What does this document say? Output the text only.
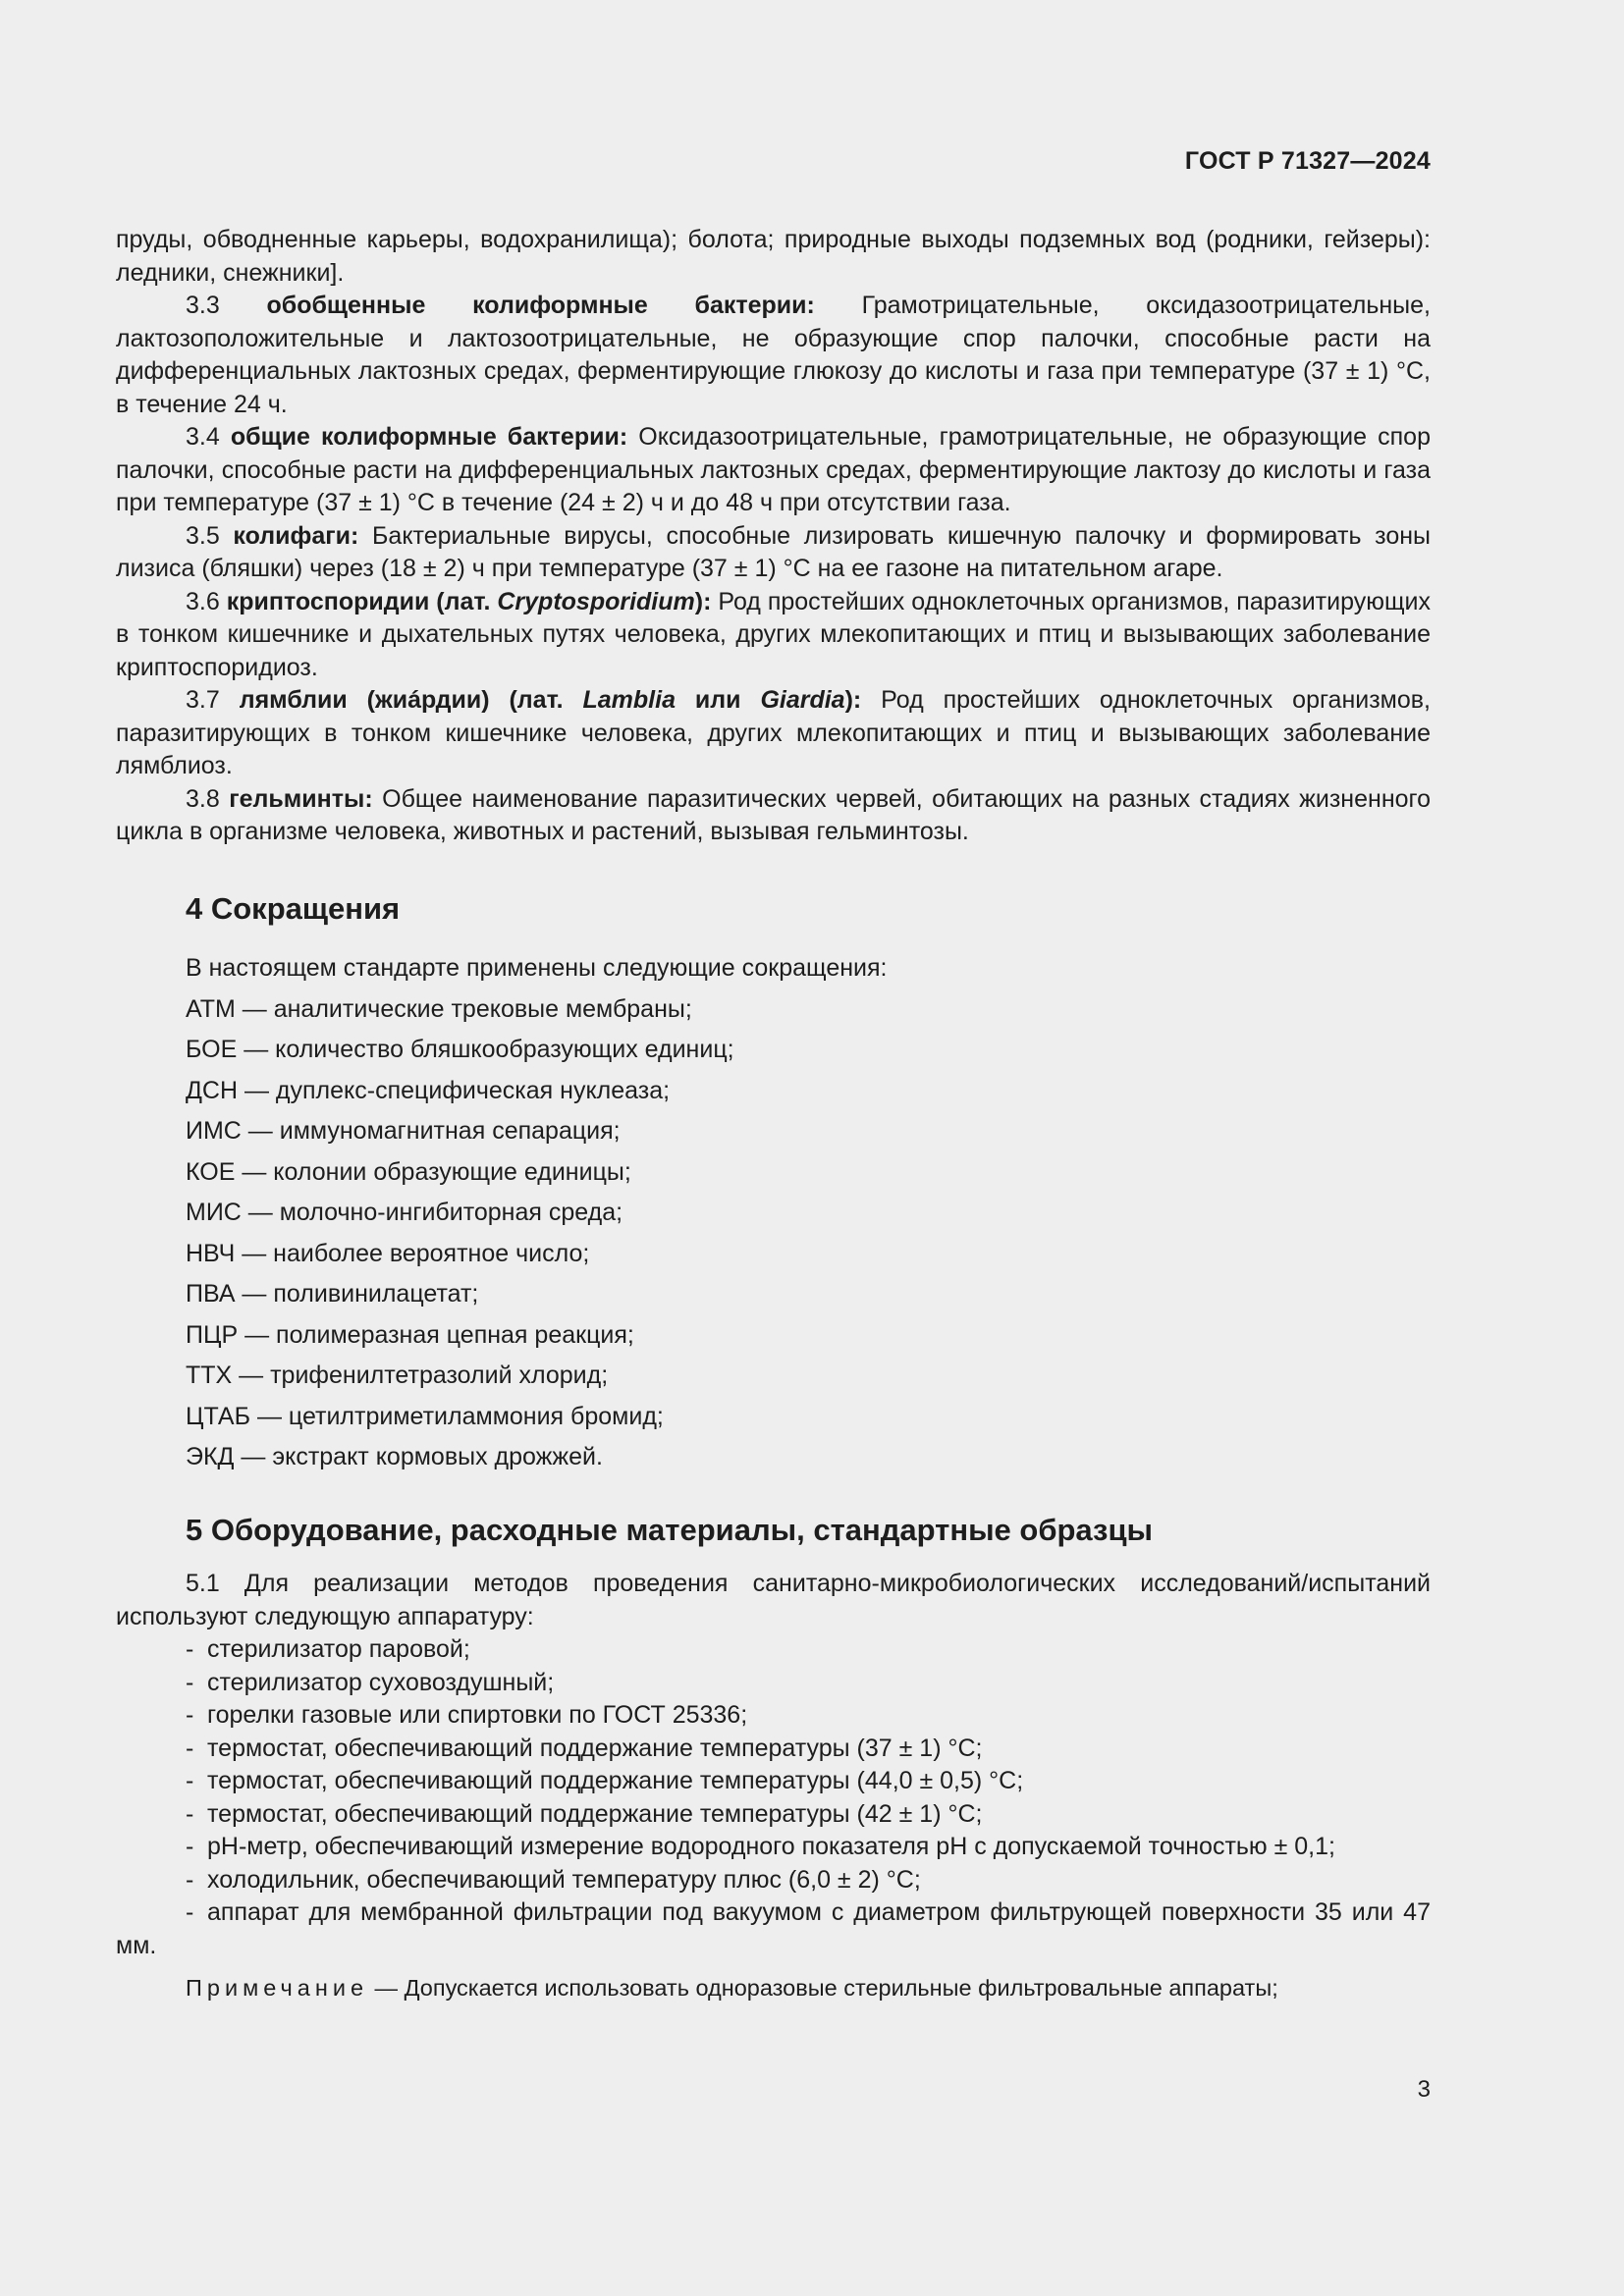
ГОСТ Р 71327—2024

пруды, обводненные карьеры, водохранилища); болота; природные выходы подземных вод (родники, гейзеры): ледники, снежники].

3.3 обобщенные колиформные бактерии: Грамотрицательные, оксидазоотрицательные, лактозоположительные и лактозоотрицательные, не образующие спор палочки, способные расти на дифференциальных лактозных средах, ферментирующие глюкозу до кислоты и газа при температуре (37 ± 1) °С, в течение 24 ч.

3.4 общие колиформные бактерии: Оксидазоотрицательные, грамотрицательные, не образующие спор палочки, способные расти на дифференциальных лактозных средах, ферментирующие лактозу до кислоты и газа при температуре (37 ± 1) °С в течение (24 ± 2) ч и до 48 ч при отсутствии газа.

3.5 колифаги: Бактериальные вирусы, способные лизировать кишечную палочку и формировать зоны лизиса (бляшки) через (18 ± 2) ч при температуре (37 ± 1) °С на ее газоне на питательном агаре.

3.6 криптоспоридии (лат. Cryptosporidium): Род простейших одноклеточных организмов, паразитирующих в тонком кишечнике и дыхательных путях человека, других млекопитающих и птиц и вызывающих заболевание криптоспоридиоз.

3.7 лямблии (жиáрдии) (лат. Lamblia или Giardia): Род простейших одноклеточных организмов, паразитирующих в тонком кишечнике человека, других млекопитающих и птиц и вызывающих заболевание лямблиоз.

3.8 гельминты: Общее наименование паразитических червей, обитающих на разных стадиях жизненного цикла в организме человека, животных и растений, вызывая гельминтозы.

4 Сокращения
В настоящем стандарте применены следующие сокращения:
АТМ — аналитические трековые мембраны;
БОЕ — количество бляшкообразующих единиц;
ДСН — дуплекс-специфическая нуклеаза;
ИМС — иммуномагнитная сепарация;
КОЕ — колонии образующие единицы;
МИС — молочно-ингибиторная среда;
НВЧ — наиболее вероятное число;
ПВА — поливинилацетат;
ПЦР — полимеразная цепная реакция;
ТТХ — трифенилтетразолий хлорид;
ЦТАБ — цетилтриметиламмония бромид;
ЭКД — экстракт кормовых дрожжей.
5 Оборудование, расходные материалы, стандартные образцы

5.1 Для реализации методов проведения санитарно-микробиологических исследований/испытаний используют следующую аппаратуру:

- стерилизатор паровой;
- стерилизатор суховоздушный;
- горелки газовые или спиртовки по ГОСТ 25336;
- термостат, обеспечивающий поддержание температуры (37 ± 1) °С;
- термостат, обеспечивающий поддержание температуры (44,0 ± 0,5) °С;
- термостат, обеспечивающий поддержание температуры (42 ± 1) °С;

- рН-метр, обеспечивающий измерение водородного показателя рН с допускаемой точностью ± 0,1;

- холодильник, обеспечивающий температуру плюс (6,0 ± 2) °С;

- аппарат для мембранной фильтрации под вакуумом с диаметром фильтрующей поверхности 35 или 47 мм.

Примечание — Допускается использовать одноразовые стерильные фильтровальные аппараты;
3
